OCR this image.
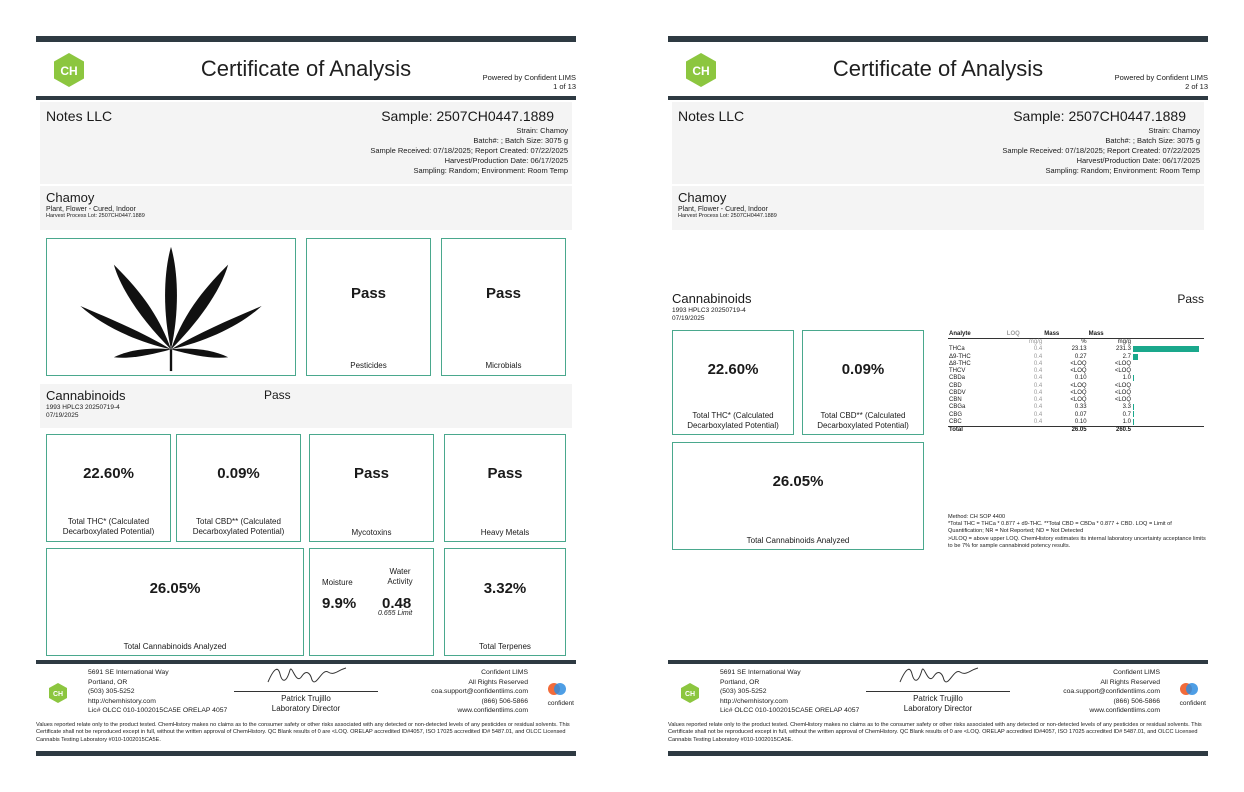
CH	Certificate of Analysis	Powered by Confident LIMS
1 of 13
Notes LLC	Sample: 2507CH0447.1889
Strain: Chamoy
Batch#: ; Batch Size: 3075 g
Sample Received: 07/18/2025; Report Created: 07/22/2025
Harvest/Production Date: 06/17/2025
Sampling: Random; Environment: Room Temp
Chamoy
Plant, Flower - Cured, Indoor
Harvest Process Lot: 2507CH0447.1889
Pass
Pesticides
Pass
Microbials
Cannabinoids
1993 HPLC3 20250719-4
07/19/2025
Pass
22.60%
Total THC* (Calculated Decarboxylated Potential)
0.09%
Total CBD** (Calculated Decarboxylated Potential)
Pass
Mycotoxins
Pass
Heavy Metals
26.05%
Total Cannabinoids Analyzed
Moisture
9.9%
Water Activity
0.48
0.655 Limit
3.32%
Total Terpenes
5691 SE International Way
Portland, OR
(503) 305-5252
http://chemhistory.com
Lic# OLCC 010-1002015CA5E ORELAP 4057
CH	Patrick Trujillo
Laboratory Director
Confident LIMS
All Rights Reserved
coa.support@confidentlims.com
(866) 506-5866
www.confidentlims.com
confident
Values reported relate only to the product tested. ChemHistory makes no claims as to the consumer safety or other risks associated with any detected or non-detected levels of any pesticides or residual solvents. This Certificate shall not be reproduced except in full, without the written approval of ChemHistory. QC Blank results of 0 are <LOQ. ORELAP accredited ID#4057, ISO 17025 accredited ID# 5487.01, and OLCC Licensed Cannabis Testing Laboratory #010-1002015CA5E.
CH	Certificate of Analysis	Powered by Confident LIMS
2 of 13
Notes LLC	Sample: 2507CH0447.1889
Strain: Chamoy
Batch#: ; Batch Size: 3075 g
Sample Received: 07/18/2025; Report Created: 07/22/2025
Harvest/Production Date: 06/17/2025
Sampling: Random; Environment: Room Temp
Chamoy
Plant, Flower - Cured, Indoor
Harvest Process Lot: 2507CH0447.1889
Cannabinoids
1993 HPLC3 20250719-4
07/19/2025
Pass
22.60%
Total THC* (Calculated Decarboxylated Potential)
0.09%
Total CBD** (Calculated Decarboxylated Potential)
26.05%
Total Cannabinoids Analyzed
Analyte	LOQ	Mass	Mass	
	mg/g	%	mg/g	
THCa	0.4	23.13	231.3	
Δ9-THC	0.4	0.27	2.7	
Δ8-THC	0.4	<LOQ	<LOQ	
THCV	0.4	<LOQ	<LOQ	
CBDa	0.4	0.10	1.0	
CBD	0.4	<LOQ	<LOQ	
CBDV	0.4	<LOQ	<LOQ	
CBN	0.4	<LOQ	<LOQ	
CBGa	0.4	0.33	3.3	
CBG	0.4	0.07	0.7	
CBC	0.4	0.10	1.0	
Total		26.05	260.5	
Method: CH SOP 4400
*Total THC = THCa * 0.877 + d9-THC. **Total CBD = CBDa * 0.877 + CBD. LOQ = Limit of Quantification; NR = Not Reported; ND = Not Detected
>ULOQ = above upper LOQ. ChemHistory estimates its internal laboratory uncertainty acceptance limits to be 7% for sample cannabinoid potency results.
5691 SE International Way
Portland, OR
(503) 305-5252
http://chemhistory.com
Lic# OLCC 010-1002015CA5E ORELAP 4057
CH	Patrick Trujillo
Laboratory Director
Confident LIMS
All Rights Reserved
coa.support@confidentlims.com
(866) 506-5866
www.confidentlims.com
confident
Values reported relate only to the product tested. ChemHistory makes no claims as to the consumer safety or other risks associated with any detected or non-detected levels of any pesticides or residual solvents. This Certificate shall not be reproduced except in full, without the written approval of ChemHistory. QC Blank results of 0 are <LOQ. ORELAP accredited ID#4057, ISO 17025 accredited ID# 5487.01, and OLCC Licensed Cannabis Testing Laboratory #010-1002015CA5E.
